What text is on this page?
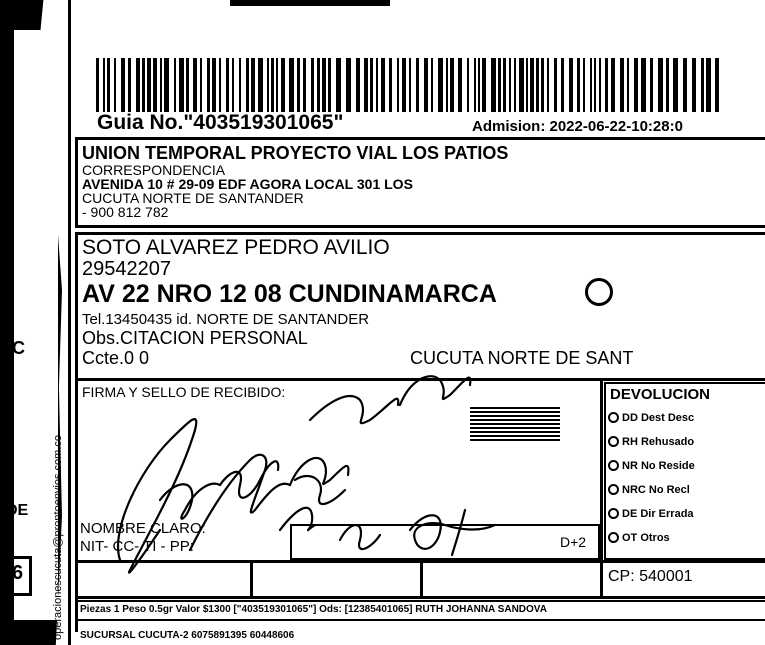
C
DE
6
Guia No."403519301065"	Admision: 2022-06-22-10:28:0
UNION TEMPORAL PROYECTO VIAL LOS PATIOS
CORRESPONDENCIA
AVENIDA 10 # 29-09 EDF AGORA LOCAL 301 LOS
CUCUTA NORTE DE SANTANDER
- 900 812 782
SOTO ALVAREZ PEDRO AVILIO
29542207
AV 22 NRO 12 08 CUNDINAMARCA
Tel.13450435 id. NORTE DE SANTANDER
Obs.CITACION PERSONAL
Ccte.0 0	CUCUTA NORTE DE SANT
operacionescucuta@prontoenvios.com.co
FIRMA Y SELLO DE RECIBIDO:
NOMBRE CLARO:
NIT- CC- TI - PP:	D+2
DEVOLUCION
DD Dest Desc
RH Rehusado
NR No Reside
NRC No Recl
DE Dir Errada
OT Otros
CP: 540001
Piezas 1 Peso 0.5gr Valor $1300 ["403519301065"] Ods: [12385401065] RUTH JOHANNA SANDOVA
SUCURSAL CUCUTA-2 6075891395 60448606
